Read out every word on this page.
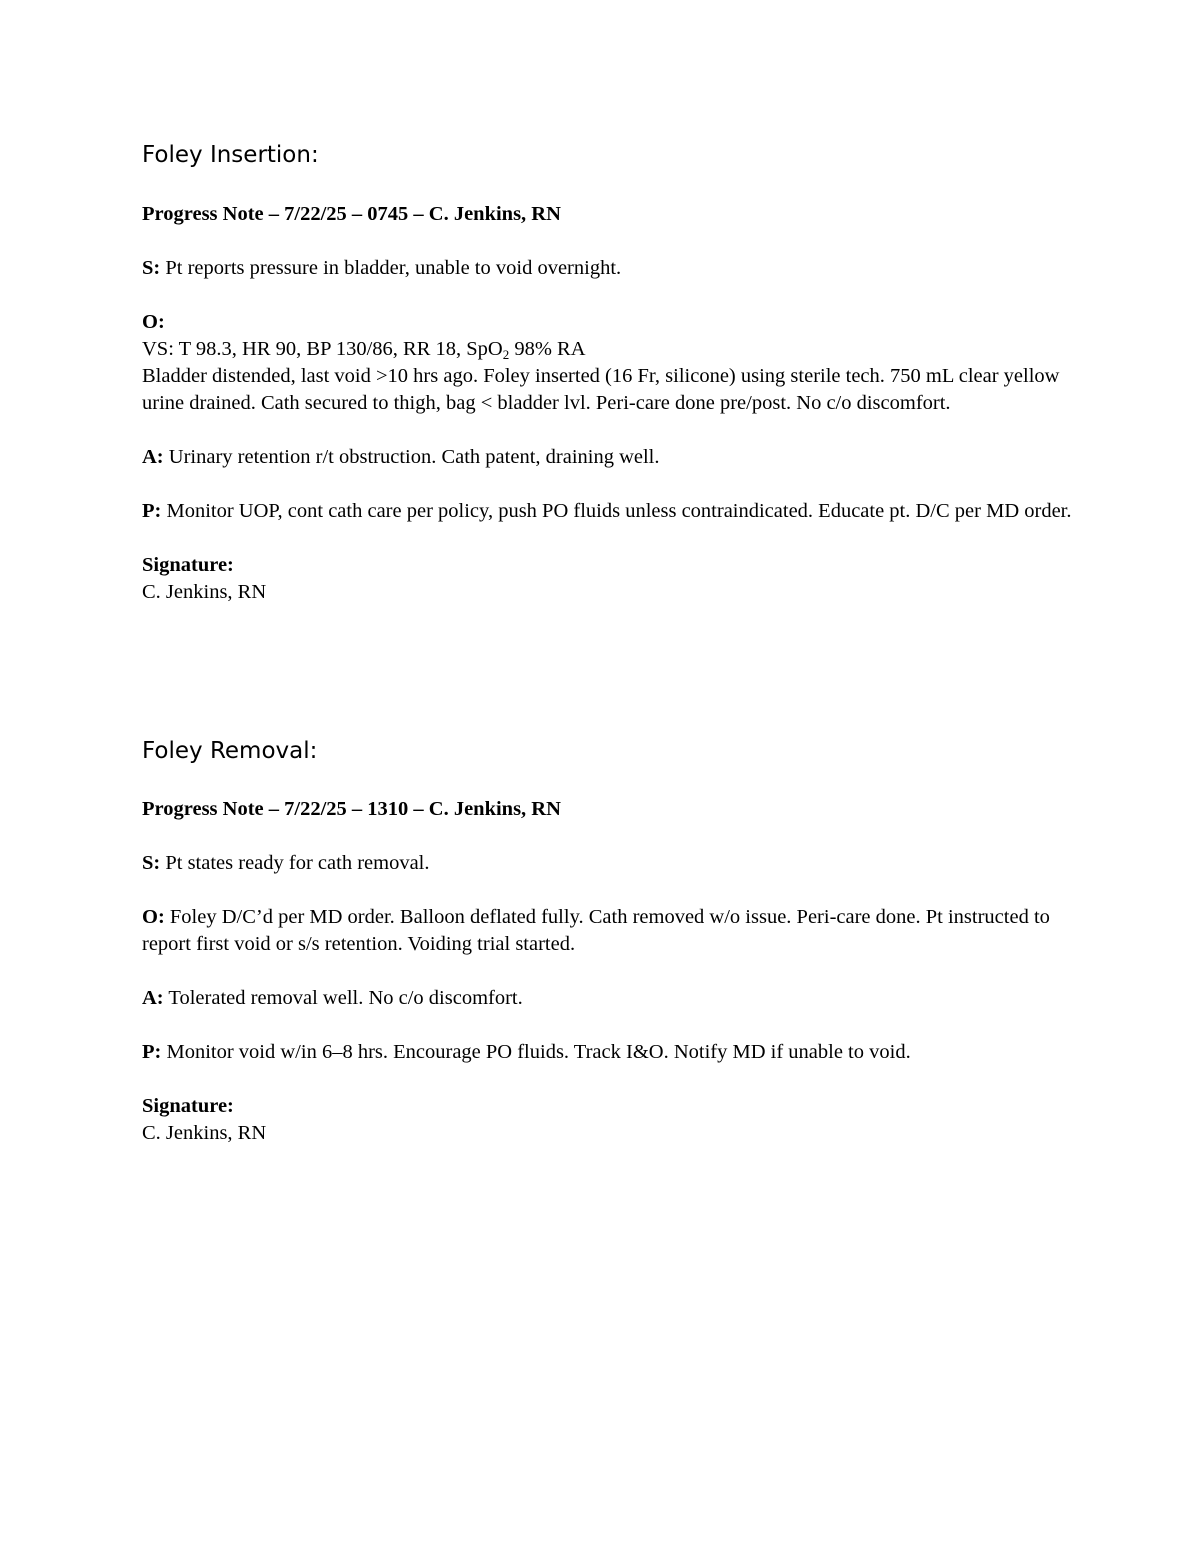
Foley Insertion:

Progress Note – 7/22/25 – 0745 – C. Jenkins, RN

S: Pt reports pressure in bladder, unable to void overnight.

O:
VS: T 98.3, HR 90, BP 130/86, RR 18, SpO$_2$ 98% RA
Bladder distended, last void >10 hrs ago. Foley inserted (16 Fr, silicone) using sterile tech. 750 mL clear yellow urine drained. Cath secured to thigh, bag < bladder lvl. Peri-care done pre/post. No c/o discomfort.

A: Urinary retention r/t obstruction. Cath patent, draining well.

P: Monitor UOP, cont cath care per policy, push PO fluids unless contraindicated. Educate pt. D/C per MD order.

Signature:
C. Jenkins, RN

Foley Removal:

Progress Note – 7/22/25 – 1310 – C. Jenkins, RN

S: Pt states ready for cath removal.

O: Foley D/C’d per MD order. Balloon deflated fully. Cath removed w/o issue. Peri-care done. Pt instructed to report first void or s/s retention. Voiding trial started.

A: Tolerated removal well. No c/o discomfort.

P: Monitor void w/in 6–8 hrs. Encourage PO fluids. Track I&O. Notify MD if unable to void.

Signature:
C. Jenkins, RN
